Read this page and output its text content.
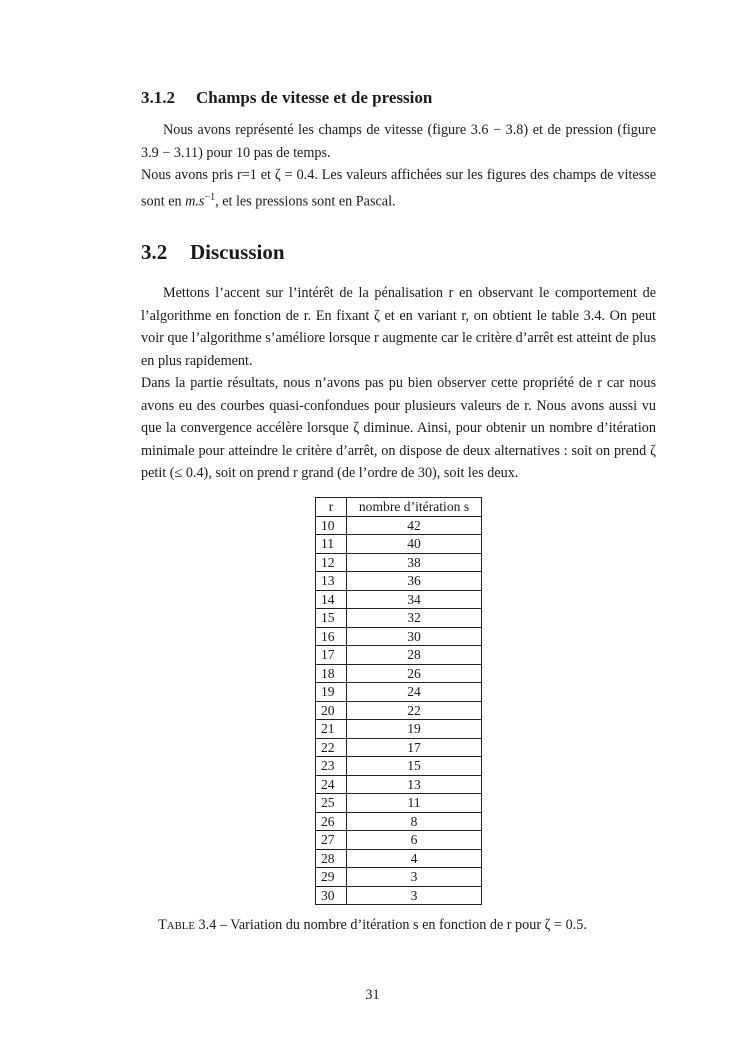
3.1.2 Champs de vitesse et de pression
Nous avons représenté les champs de vitesse (figure 3.6 − 3.8) et de pression (figure 3.9 − 3.11) pour 10 pas de temps.
Nous avons pris r=1 et ζ = 0.4. Les valeurs affichées sur les figures des champs de vitesse sont en $m.s^{-1}$, et les pressions sont en Pascal.
3.2 Discussion
Mettons l’accent sur l’intérêt de la pénalisation r en observant le comportement de l’algorithme en fonction de r. En fixant ζ et en variant r, on obtient le table 3.4. On peut voir que l’algorithme s’améliore lorsque r augmente car le critère d’arrêt est atteint de plus en plus rapidement.
Dans la partie résultats, nous n’avons pas pu bien observer cette propriété de r car nous avons eu des courbes quasi-confondues pour plusieurs valeurs de r. Nous avons aussi vu que la convergence accélère lorsque ζ diminue. Ainsi, pour obtenir un nombre d’itération minimale pour atteindre le critère d’arrêt, on dispose de deux alternatives : soit on prend ζ petit (≤ 0.4), soit on prend r grand (de l’ordre de 30), soit les deux.
r	nombre d’itération s
10	42
11	40
12	38
13	36
14	34
15	32
16	30
17	28
18	26
19	24
20	22
21	19
22	17
23	15
24	13
25	11
26	8
27	6
28	4
29	3
30	3
TABLE 3.4 – Variation du nombre d’itération s en fonction de r pour ζ = 0.5.
31
